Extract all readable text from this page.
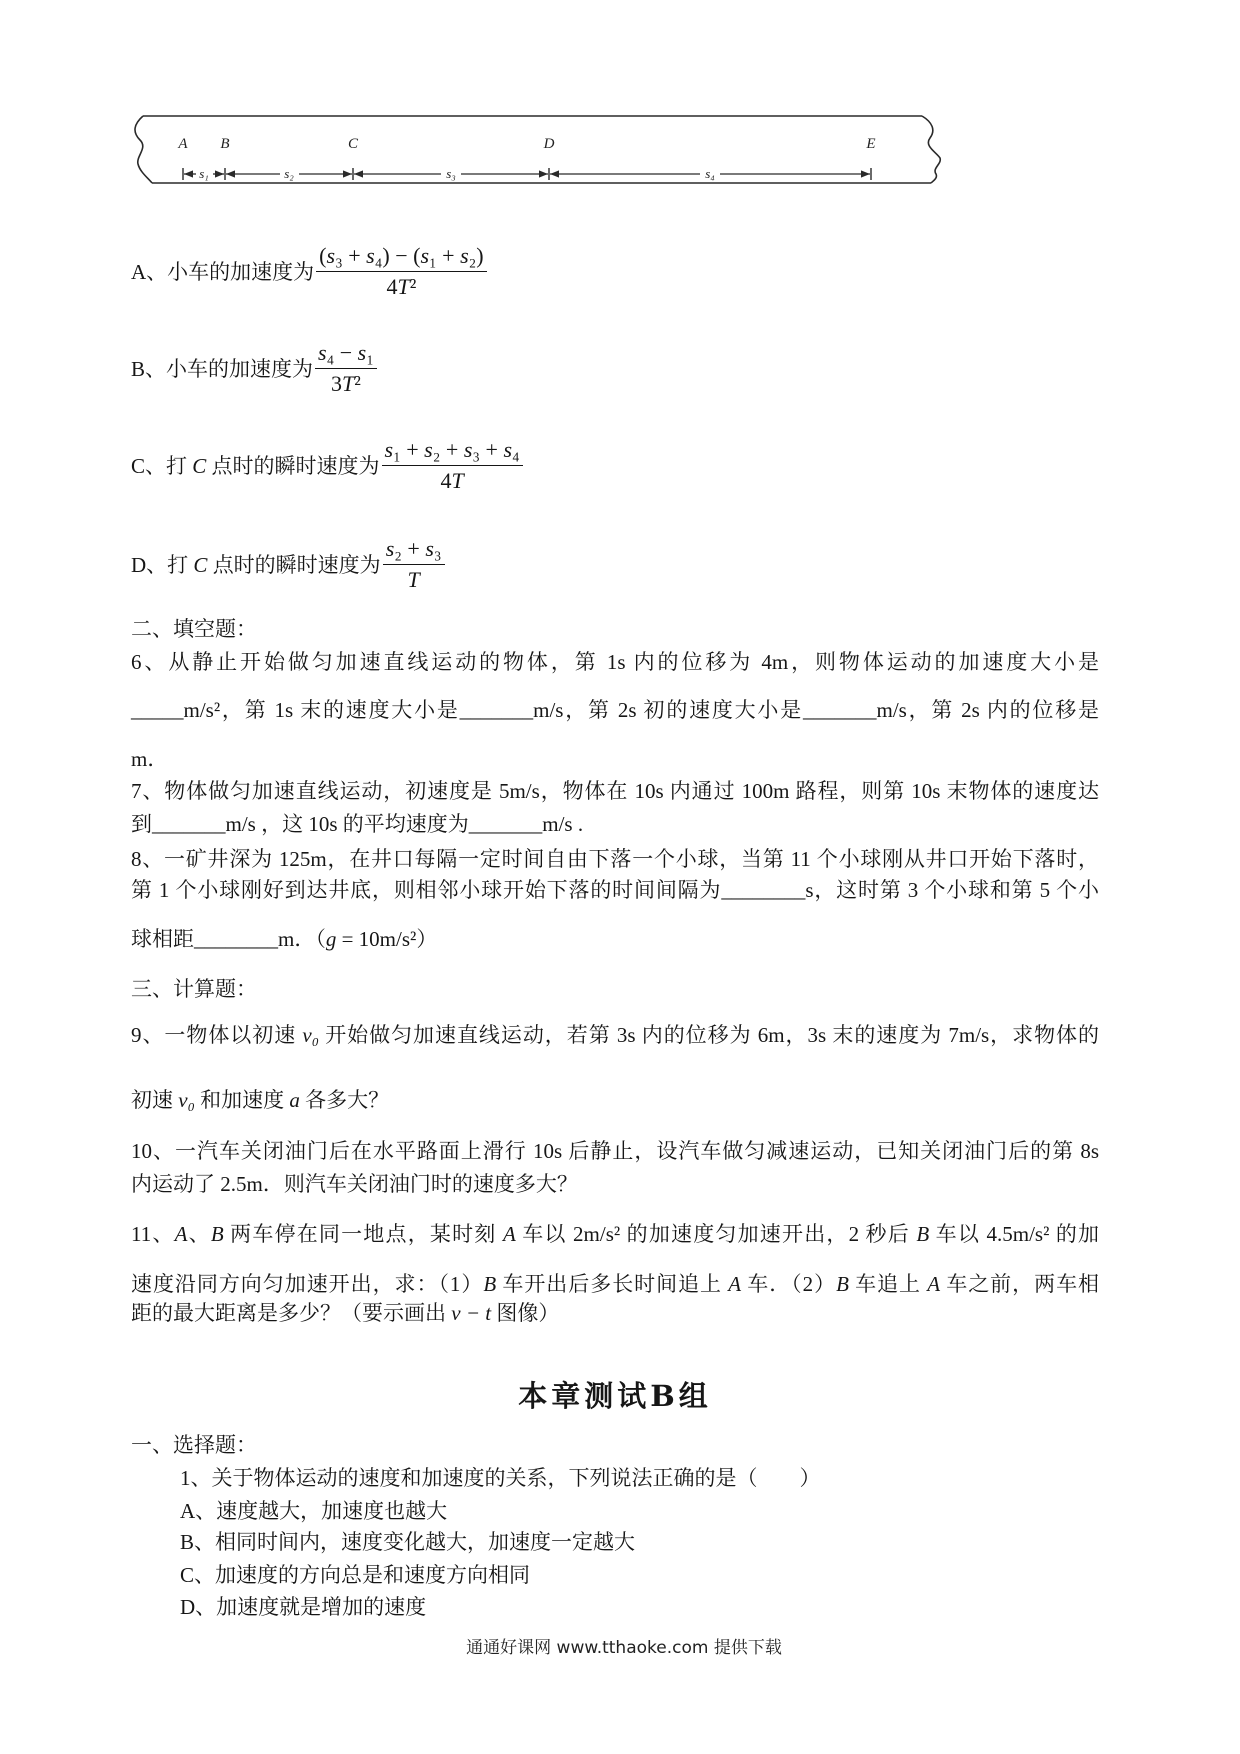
A B	C	D	E
s₁	s₂	s₃	s₄
A、小车的加速度为 $\frac{\text{(s₃ + s₄) − (s₁ + s₂)}}{\text{4T²}}$
B、小车的加速度为 $\frac{\text{s₄ − s₁}}{\text{3T²}}$
C、打 C 点时的瞬时速度为 $\frac{\text{s₁ + s₂ + s₃ + s₄}}{4T}$
D、打 C 点时的瞬时速度为 $\frac{\text{s₂ + s₃}}{T}$
二、填空题：
6、从静止开始做匀加速直线运动的物体，第 1s 内的位移为 4m，则物体运动的加速度大小是
_____m/s²，第 1s 末的速度大小是_______m/s，第 2s 初的速度大小是_______m/s，第 2s 内的位移是
m．
7、物体做匀加速直线运动，初速度是 5m/s，物体在 10s 内通过 100m 路程，则第 10s 末物体的速度达
到_______m/s ，这 10s 的平均速度为_______m/s .
8、一矿井深为 125m，在井口每隔一定时间自由下落一个小球，当第 11 个小球刚从井口开始下落时，
第 1 个小球刚好到达井底，则相邻小球开始下落的时间间隔为________s，这时第 3 个小球和第 5 个小
球相距________m．（g = 10m/s²）
三、计算题：
9、一物体以初速 v₀ 开始做匀加速直线运动，若第 3s 内的位移为 6m，3s 末的速度为 7m/s，求物体的
初速 v₀ 和加速度 a 各多大？
10、一汽车关闭油门后在水平路面上滑行 10s 后静止，设汽车做匀减速运动，已知关闭油门后的第 8s
内运动了 2.5m．则汽车关闭油门时的速度多大？
11、A、B 两车停在同一地点，某时刻 A 车以 2m/s² 的加速度匀加速开出，2 秒后 B 车以 4.5m/s² 的加
速度沿同方向匀加速开出，求：（1）B 车开出后多长时间追上 A 车．（2）B 车追上 A 车之前，两车相
距的最大距离是多少？（要示画出 v − t 图像）
本章测试B组
一、选择题：
1、关于物体运动的速度和加速度的关系，下列说法正确的是（　　）
A、速度越大，加速度也越大
B、相同时间内，速度变化越大，加速度一定越大
C、加速度的方向总是和速度方向相同
D、加速度就是增加的速度
通通好课网 www.tthaoke.com 提供下载
